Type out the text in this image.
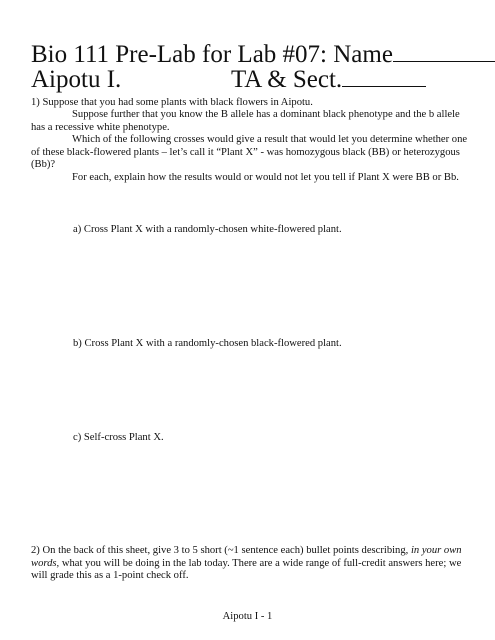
Bio 111 Pre-Lab for Lab #07: Name
Aipotu I.	TA & Sect.
1) Suppose that you had some plants with black flowers in Aipotu.
Suppose further that you know the B allele has a dominant black phenotype and the b allele has a recessive white phenotype.
Which of the following crosses would give a result that would let you determine whether one of these black-flowered plants – let’s call it “Plant X” - was homozygous black (BB) or heterozygous (Bb)?
For each, explain how the results would or would not let you tell if Plant X were BB or Bb.
a) Cross Plant X with a randomly-chosen white-flowered plant.
b) Cross Plant X with a randomly-chosen black-flowered plant.
c) Self-cross Plant X.
2) On the back of this sheet, give 3 to 5 short (~1 sentence each) bullet points describing, in your own words, what you will be doing in the lab today. There are a wide range of full-credit answers here; we will grade this as a 1-point check off.
Aipotu I - 1
